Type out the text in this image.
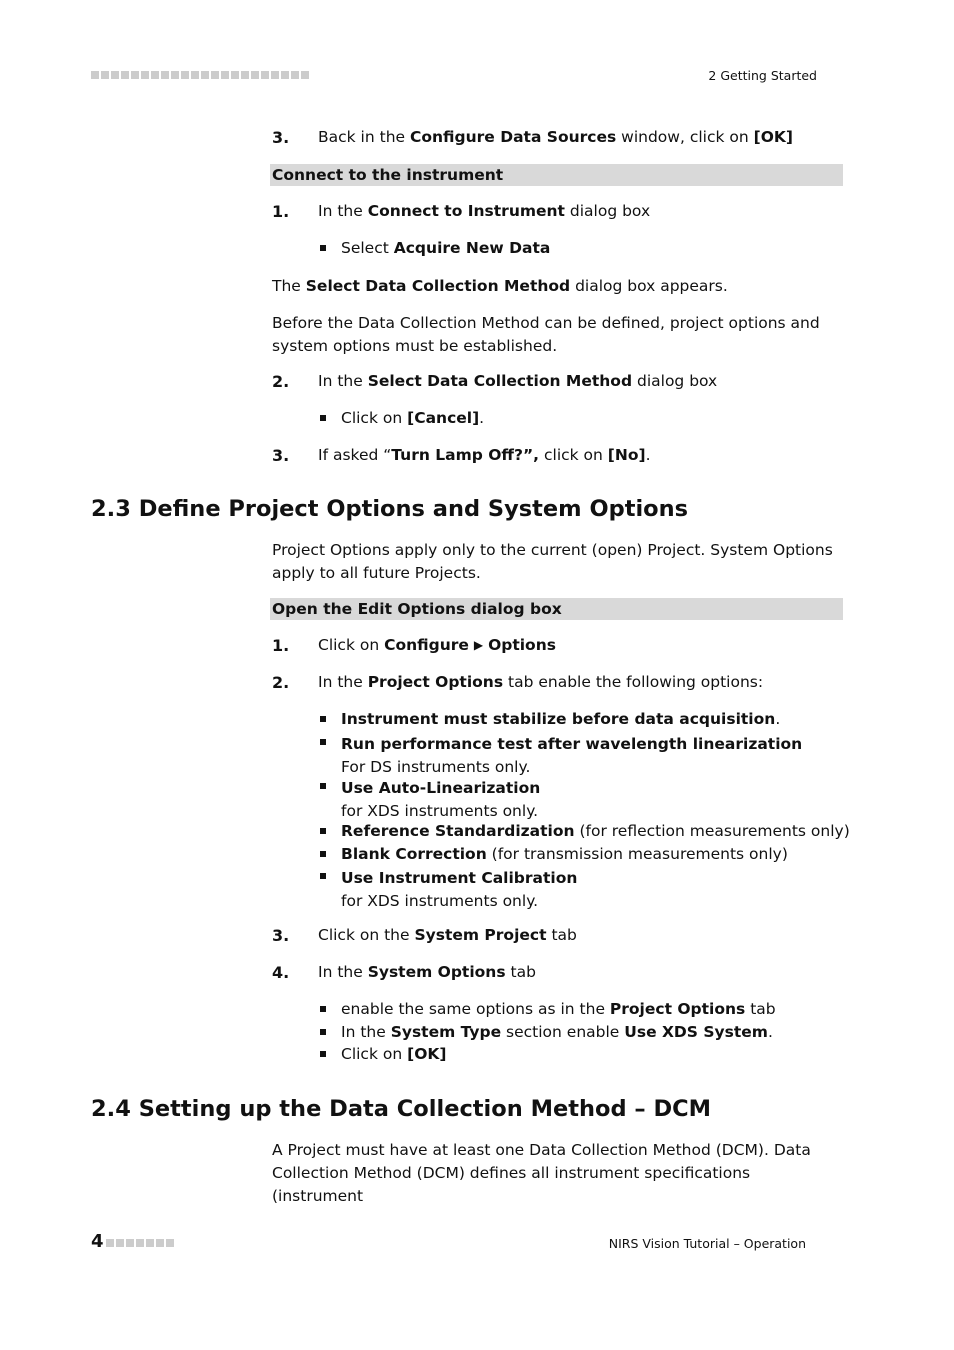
2 Getting Started
3. Back in the Configure Data Sources window, click on [OK]
Connect to the instrument
1. In the Connect to Instrument dialog box
Select Acquire New Data
The Select Data Collection Method dialog box appears.
Before the Data Collection Method can be defined, project options and system options must be established.
2. In the Select Data Collection Method dialog box
Click on [Cancel].
3. If asked “Turn Lamp Off?”, click on [No].
2.3 Define Project Options and System Options
Project Options apply only to the current (open) Project. System Options apply to all future Projects.
Open the Edit Options dialog box
1. Click on Configure ▶ Options
2. In the Project Options tab enable the following options:
Instrument must stabilize before data acquisition.
Run performance test after wavelength linearization
For DS instruments only.
Use Auto-Linearization
for XDS instruments only.
Reference Standardization (for reflection measurements only)
Blank Correction (for transmission measurements only)
Use Instrument Calibration
for XDS instruments only.
3. Click on the System Project tab
4. In the System Options tab
enable the same options as in the Project Options tab
In the System Type section enable Use XDS System.
Click on [OK]
2.4 Setting up the Data Collection Method – DCM
A Project must have at least one Data Collection Method (DCM). Data Collection Method (DCM) defines all instrument specifications (instrument
4	NIRS Vision Tutorial – Operation
